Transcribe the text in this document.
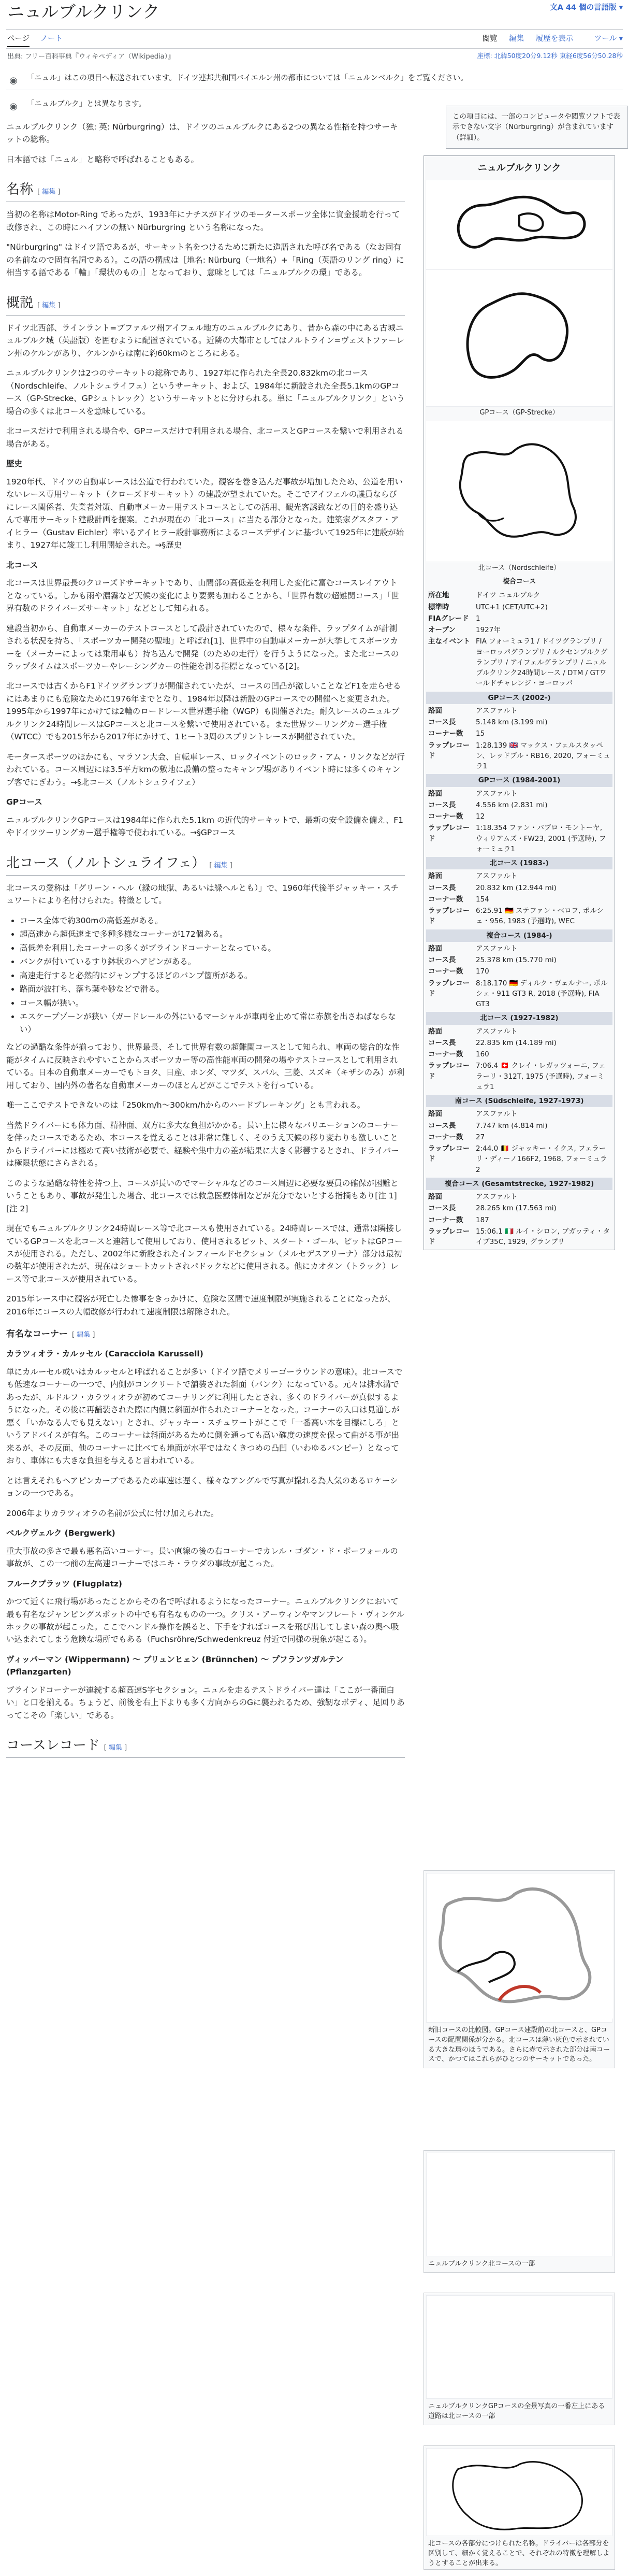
ニュルブルクリンク	文A 44 個の言語版 ▾
ページ ノート	閲覧 編集 履歴を表示	ツール ▾
出典: フリー百科事典『ウィキペディア（Wikipedia）』	座標: 北緯50度20分9.12秒 東経6度56分50.28秒
◉ 「ニュル」はこの項目へ転送されています。ドイツ連邦共和国バイエルン州の都市については「ニュルンベルク」をご覧ください。
◉ 「ニュルブルク」とは異なります。
この項目には、一部のコンピュータや閲覧ソフトで表示できない文字（Nürburgring）が含まれています（詳細）。

ニュルブルクリンク（独: 英: Nürburgring）は、ドイツのニュルブルクにある2つの異なる性格を持つサーキットの総称。

日本語では「ニュル」と略称で呼ばれることもある。

名称 [ 編集 ]

当初の名称はMotor-Ring であったが、1933年にナチスがドイツのモータースポーツ全体に資金援助を行って改修され、この時にハイフンの無い Nürburgring という名称になった。

"Nürburgring" はドイツ語であるが、サーキット名をつけるために新たに造語された呼び名である（なお固有の名前なので固有名詞である）。この語の構成は［地名: Nürburg（一地名）+「Ring（英語のリング ring）に相当する語である「輪」「環状のもの」］となっており、意味としては「ニュルブルクの環」である。

概説 [ 編集 ]

ドイツ北西部、ラインラント=プファルツ州アイフェル地方のニュルブルクにあり、昔から森の中にある古城ニュルブルク城（英語版）を囲むように配置されている。近隣の大都市としてはノルトライン=ヴェストファーレン州のケルンがあり、ケルンからは南に約60kmのところにある。

ニュルブルクリンクは2つのサーキットの総称であり、1927年に作られた全長20.832kmの北コース（Nordschleife、ノルトシュライフェ）というサーキット、および、1984年に新設された全長5.1kmのGPコース（GP-Strecke、GPシュトレック）というサーキットとに分けられる。単に「ニュルブルクリンク」という場合の多くは北コースを意味している。

北コースだけで利用される場合や、GPコースだけで利用される場合、北コースとGPコースを繋いで利用される場合がある。

歴史

1920年代、ドイツの自動車レースは公道で行われていた。観客を巻き込んだ事故が増加したため、公道を用いないレース専用サーキット（クローズドサーキット）の建設が望まれていた。そこでアイフェルの議員ならびにレース関係者、失業者対策、自動車メーカー用テストコースとしての活用、観光客誘致などの目的を盛り込んで専用サーキット建設計画を提案。これが現在の「北コース」に当たる部分となった。建築家グスタフ・アイヒラー（Gustav Eichler）率いるアイヒラー設計事務所によるコースデザインに基づいて1925年に建設が始まり、1927年に竣工し利用開始された。→§歴史

北コース

北コースは世界最長のクローズドサーキットであり、山間部の高低差を利用した変化に富むコースレイアウトとなっている。しかも雨や濃霧など天候の変化により要素も加わることから、「世界有数の超難関コース」「世界有数のドライバーズサーキット」などとして知られる。

建設当初から、自動車メーカーのテストコースとして設計されていたので、様々な条件、ラップタイムが計測される状況を持ち、「スポーツカー開発の聖地」と呼ばれ[1]、世界中の自動車メーカーが大挙してスポーツカーを（メーカーによっては乗用車も）持ち込んで開発（のための走行）を行うようになった。また北コースのラップタイムはスポーツカーやレーシングカーの性能を測る指標となっている[2]。

北コースでは古くからF1ドイツグランプリが開催されていたが、コースの凹凸が激しいことなどF1を走らせるにはあまりにも危険なために1976年までとなり、1984年以降は新設のGPコースでの開催へと変更された。1995年から1997年にかけては2輪のロードレース世界選手権（WGP）も開催された。耐久レースのニュルブルクリンク24時間レースはGPコースと北コースを繋いで使用されている。また世界ツーリングカー選手権（WTCC）でも2015年から2017年にかけて、1ヒート3周のスプリントレースが開催されていた。

モータースポーツのほかにも、マラソン大会、自転車レース、ロックイベントのロック・アム・リンクなどが行われている。コース周辺には3.5平方kmの敷地に設備の整ったキャンプ場がありイベント時には多くのキャンプ客でにぎわう。→§北コース（ノルトシュライフェ）

GPコース

ニュルブルクリンクGPコースは1984年に作られた5.1km の近代的サーキットで、最新の安全設備を備え、F1やドイツツーリングカー選手権等で使われている。→§GPコース

北コース（ノルトシュライフェ） [ 編集 ]

北コースの愛称は「グリーン・ヘル（緑の地獄、あるいは緑ヘルとも）」で、1960年代後半ジャッキー・スチュワートにより名付けられた。特徴として。

• コース全体で約300mの高低差がある。
• 超高速から超低速まで多種多様なコーナーが172個ある。
• 高低差を利用したコーナーの多くがブラインドコーナーとなっている。
• バンクが付いているすり鉢状のヘアピンがある。
• 高速走行すると必然的にジャンプするほどのバンプ箇所がある。
• 路面が波打ち、落ち葉や砂などで滑る。
• コース幅が狭い。
• エスケープゾーンが狭い（ガードレールの外にいるマーシャルが車両を止めて常に赤旗を出さねばならない）

などの過酷な条件が揃っており、世界最長、そして世界有数の超難関コースとして知られ、車両の総合的な性能がタイムに反映されやすいことからスポーツカー等の高性能車両の開発の場やテストコースとして利用されている。日本の自動車メーカーでもトヨタ、日産、ホンダ、マツダ、スバル、三菱、スズキ（キザシのみ）が利用しており、国内外の著名な自動車メーカーのほとんどがここでテストを行っている。

唯一ここでテストできないのは「250km/h〜300km/hからのハードブレーキング」とも言われる。

当然ドライバーにも体力面、精神面、双方に多大な負担がかかる。長い上に様々なバリエーションのコーナーを伴ったコースであるため、本コースを覚えることは非常に難しく、そのうえ天候の移り変わりも激しいことからドライバーには極めて高い技術が必要で、経験や集中力の差が結果に大きく影響するとされ、ドライバーは極限状態にさらされる。

このような過酷な特性を持つ上、コースが長いのでマーシャルなどのコース周辺に必要な要員の確保が困難ということもあり、事故が発生した場合、北コースでは救急医療体制などが充分でないとする指摘もあり[注 1][注 2]

現在でもニュルブルクリンク24時間レース等で北コースも使用されている。24時間レースでは、通常は隣接しているGPコースを北コースと連結して使用しており、使用されるピット、スタート・ゴール、ピットはGPコースが使用される。ただし、2002年に新設されたインフィールドセクション（メルセデスアリーナ）部分は最初の数年が使用されたが、現在はショートカットされパドックなどに使用される。他にカオタン（トラック）レース等で北コースが使用されている。

2015年レース中に観客が死亡した惨事をきっかけに、危険な区間で速度制限が実施されることになったが、2016年にコースの大幅改修が行われて速度制限は解除された。

有名なコーナー [ 編集 ]
カラツィオラ・カルッセル (Caracciola Karussell)

単にカルーセル或いはカルッセルと呼ばれることが多い（ドイツ語でメリーゴーラウンドの意味）。北コースでも低速なコーナーの一つで、内側がコンクリートで舗装された斜面（バンク）になっている。元々は排水溝であったが、ルドルフ・カラツィオラが初めてコーナリングに利用したとされ、多くのドライバーが真似するようになった。その後に再舗装された際に内側に斜面が作られたコーナーとなった。コーナーの入口は見通しが悪く「いかなる人でも見えない」とされ、ジャッキー・スチュワートがここで「一番高い木を目標にしろ」というアドバイスが有名。このコーナーは斜面があるために側を通っても高い確度の速度を保って曲がる事が出来るが、その反面、他のコーナーに比べても地面が水平ではなくきつめの凸凹（いわゆるバンピー）となっており、車体にも大きな負担を与えると言われている。

とは言えそれもヘアピンカーブであるため車速は遅く、様々なアングルで写真が撮れる為人気のあるロケーションの一つである。

2006年よりカラツィオラの名前が公式に付け加えられた。

ベルクヴェルク (Bergwerk)

重大事故の多さで最も悪名高いコーナー。長い直線の後の右コーナーでカレル・ゴダン・ド・ボーフォールの事故が、この一つ前の左高速コーナーではニキ・ラウダの事故が起こった。

フルークプラッツ (Flugplatz)

かつて近くに飛行場があったことからその名で呼ばれるようになったコーナー。ニュルブルクリンクにおいて最も有名なジャンピングスポットの中でも有名なものの一つ。クリス・アーウィンやマンフレート・ヴィンケルホックの事故が起こった。ここでハンドル操作を誤ると、下手をすればコースを飛び出してしまい森の奥へ吸い込まれてしまう危険な場所でもある（Fuchsröhre/Schwedenkreuz 付近で同様の現象が起こる）。

ヴィッパーマン (Wippermann) 〜 ブリュンヒェン (Brünnchen) 〜 プフランツガルテン (Pflanzgarten)

ブラインドコーナーが連続する超高速S字セクション。ニュルを走るテストドライバー達は「ここが一番面白い」と口を揃える。ちょうど、前後を右上下よりも多く方向からのGに襲われるため、強靭なボディ、足回りあってこその「楽しい」である。

コースレコード [ 編集 ]
ニュルブルクリンク
GPコース（GP-Strecke）
北コース（Nordschleife）
複合コース
所在地	ドイツ ニュルブルク
標準時	UTC+1 (CET/UTC+2)
FIAグレード 1
オープン	1927年
主なイベント FIA フォーミュラ1 / ドイツグランプリ / ヨーロッパグランプリ / ルクセンブルクグランプリ / アイフェルグランプリ / ニュルブルクリンク24時間レース / DTM / GTワールドチャレンジ・ヨーロッパ
GPコース (2002-)
路面	アスファルト
コース長	5.148 km (3.199 mi)
コーナー数	15
ラップレコード
1:28.139 🇬🇧 マックス・フェルスタッペン、レッドブル・RB16, 2020, フォーミュラ1
GPコース (1984-2001)
路面	アスファルト
コース長	4.556 km (2.831 mi)
コーナー数	12
ラップレコード
1:18.354 ファン・パブロ・モントーヤ, ウィリアムズ・FW23, 2001 (予選時), フォーミュラ1
北コース (1983-)
路面	アスファルト
コース長	20.832 km (12.944 mi)
コーナー数	154
ラップレコード
6:25.91 🇩🇪 ステファン・ベロフ, ポルシェ・956, 1983 (予選時), WEC
複合コース (1984-)
路面	アスファルト
コース長	25.378 km (15.770 mi)
コーナー数	170
ラップレコード
8:18.170 🇩🇪 ディルク・ヴェルナー, ポルシェ・911 GT3 R, 2018 (予選時), FIA GT3
北コース (1927-1982)
路面	アスファルト
コース長	22.835 km (14.189 mi)
コーナー数	160
ラップレコード
7:06.4 🇨🇭 クレイ・レガッツォーニ, フェラーリ・312T, 1975 (予選時), フォーミュラ1
南コース (Südschleife, 1927-1973)
路面	アスファルト
コース長	7.747 km (4.814 mi)
コーナー数	27
ラップレコード
2:44.0 🇧🇪 ジャッキー・イクス, フェラーリ・ディーノ166F2, 1968, フォーミュラ2
複合コース (Gesamtstrecke, 1927-1982)
路面	アスファルト
コース長	28.265 km (17.563 mi)
コーナー数	187
ラップレコード
15:06.1 🇮🇹 ルイ・シロン, ブガッティ・タイプ35C, 1929, グランプリ
新旧コースの比較図。GPコース建設前の北コースと、GPコースの配置関係が分かる。北コースは薄い灰色で示されている大きな環のほうである。さらに赤で示された部分は南コースで、かつてはこれらがひとつのサーキットであった。
ニュルブルクリンク北コースの一部
ニュルブルクリンクGPコースの全景写真の一番左上にある道路は北コースの一部
北コースの各部分につけられた名称。ドライバーは各部分を区別して、細かく覚えることで、それぞれの特徴を理解しようとすることが出来る。
